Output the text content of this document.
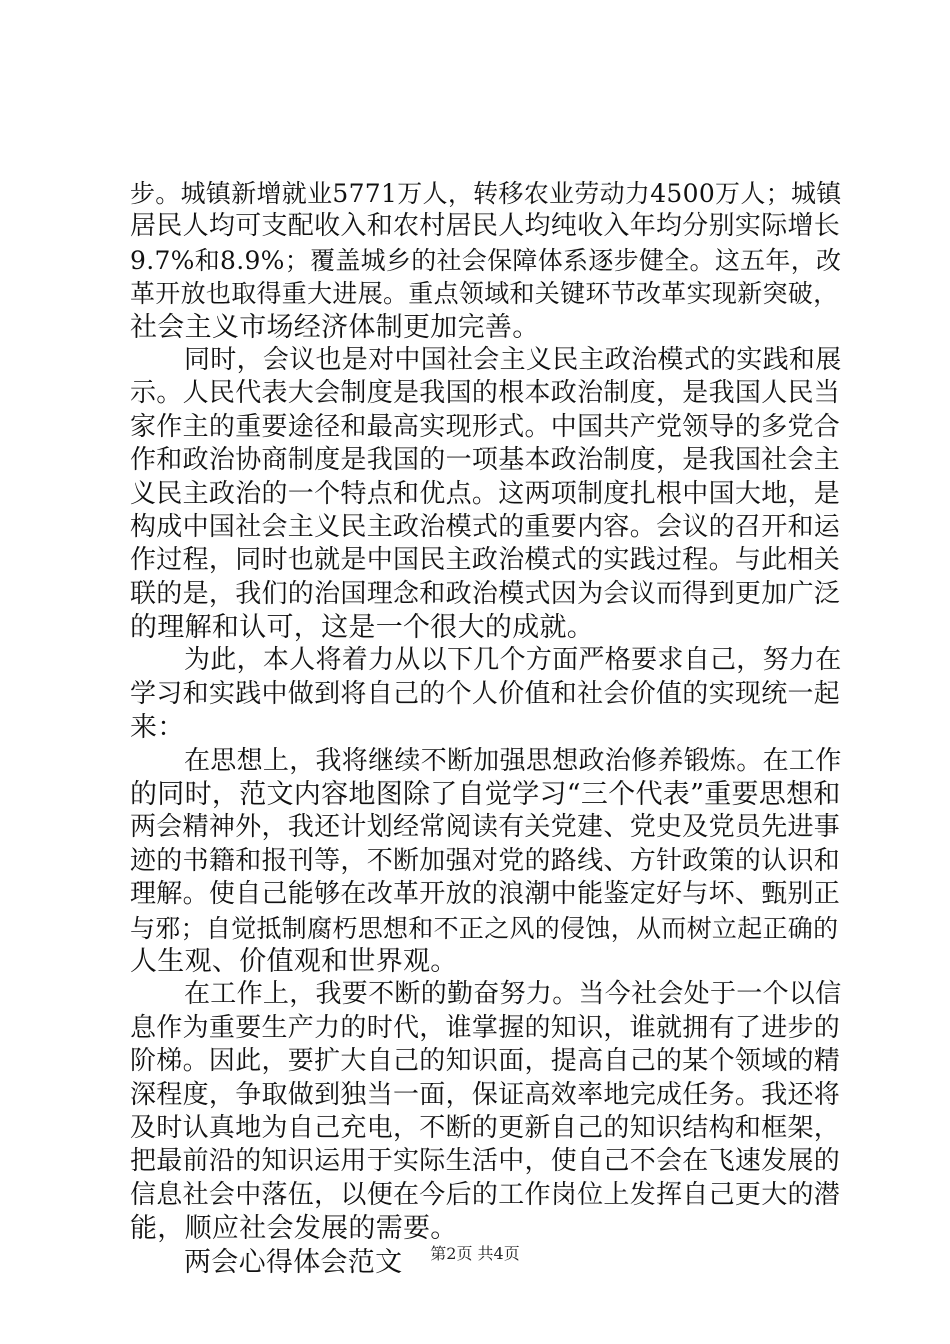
步。城镇新增就业5771万人，转移农业劳动力4500万人；城镇
居民人均可支配收入和农村居民人均纯收入年均分别实际增长
9.7%和8.9%；覆盖城乡的社会保障体系逐步健全。这五年，改
革开放也取得重大进展。重点领域和关键环节改革实现新突破，
社会主义市场经济体制更加完善。
同时，会议也是对中国社会主义民主政治模式的实践和展
示。人民代表大会制度是我国的根本政治制度，是我国人民当
家作主的重要途径和最高实现形式。中国共产党领导的多党合
作和政治协商制度是我国的一项基本政治制度，是我国社会主
义民主政治的一个特点和优点。这两项制度扎根中国大地，是
构成中国社会主义民主政治模式的重要内容。会议的召开和运
作过程，同时也就是中国民主政治模式的实践过程。与此相关
联的是，我们的治国理念和政治模式因为会议而得到更加广泛
的理解和认可，这是一个很大的成就。
为此，本人将着力从以下几个方面严格要求自己，努力在
学习和实践中做到将自己的个人价值和社会价值的实现统一起
来：
在思想上，我将继续不断加强思想政治修养锻炼。在工作
的同时，范文内容地图除了自觉学习“三个代表”重要思想和
两会精神外，我还计划经常阅读有关党建、党史及党员先进事
迹的书籍和报刊等，不断加强对党的路线、方针政策的认识和
理解。使自己能够在改革开放的浪潮中能鉴定好与坏、甄别正
与邪；自觉抵制腐朽思想和不正之风的侵蚀，从而树立起正确的
人生观、价值观和世界观。
在工作上，我要不断的勤奋努力。当今社会处于一个以信
息作为重要生产力的时代，谁掌握的知识，谁就拥有了进步的
阶梯。因此，要扩大自己的知识面，提高自己的某个领域的精
深程度，争取做到独当一面，保证高效率地完成任务。我还将
及时认真地为自己充电，不断的更新自己的知识结构和框架，
把最前沿的知识运用于实际生活中，使自己不会在飞速发展的
信息社会中落伍，以便在今后的工作岗位上发挥自己更大的潜
能，顺应社会发展的需要。
两会心得体会范文	第2页 共4页
